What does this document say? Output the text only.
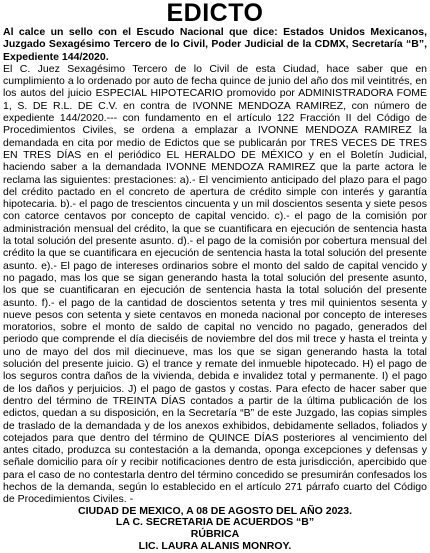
EDICTO

Al calce un sello con el Escudo Nacional que dice: Estados Unidos Mexicanos, Juzgado Sexagésimo Tercero de lo Civil, Poder Judicial de la CDMX, Secretaría “B”, Expediente 144/2020.

El C. Juez Sexagésimo Tercero de lo Civil de esta Ciudad, hace saber que en cumplimiento a lo ordenado por auto de fecha quince de junio del año dos mil veintitrés, en los autos del juicio ESPECIAL HIPOTECARIO promovido por ADMINISTRADORA FOME 1, S. DE R.L. DE C.V. en contra de IVONNE MENDOZA RAMIREZ, con número de expediente 144/2020.--- con fundamento en el artículo 122 Fracción II del Código de Procedimientos Civiles, se ordena a emplazar a IVONNE MENDOZA RAMIREZ la demandada en cita por medio de Edictos que se publicarán por TRES VECES DE TRES EN TRES DÍAS en el periódico EL HERALDO DE MÉXICO y en el Boletín Judicial, haciendo saber a la demandada IVONNE MENDOZA RAMIREZ que la parte actora le reclama las siguientes: prestaciones: a).- El vencimiento anticipado del plazo para el pago del crédito pactado en el concreto de apertura de crédito simple con interés y garantía hipotecaria. b).- el pago de trescientos cincuenta y un mil doscientos sesenta y siete pesos con catorce centavos por concepto de capital vencido. c).- el pago de la comisión por administración mensual del crédito, la que se cuantificara en ejecución de sentencia hasta la total solución del presente asunto. d).- el pago de la comisión por cobertura mensual del crédito la que se cuantificara en ejecución de sentencia hasta la total solución del presente asunto. e).- El pago de intereses ordinarios sobre el monto del saldo de capital vencido y no pagado, mas los que se sigan generando hasta la total solución del presente asunto, los que se cuantificaran en ejecución de sentencia hasta la total solución del presente asunto. f).- el pago de la cantidad de doscientos setenta y tres mil quinientos sesenta y nueve pesos con setenta y siete centavos en moneda nacional por concepto de intereses moratorios, sobre el monto de saldo de capital no vencido no pagado, generados del periodo que comprende el día dieciséis de noviembre del dos mil trece y hasta el treinta y uno de mayo del dos mil diecinueve, mas los que se sigan generando hasta la total solución del presente juicio. G) el trance y remate del inmueble hipotecado. H) el pago de los seguros contra daños de la vivienda, debida e invalidez total y permanente. I) el pago de los daños y perjuicios. J) el pago de gastos y costas. Para efecto de hacer saber que dentro del término de TREINTA DÍAS contados a partir de la última publicación de los edictos, quedan a su disposición, en la Secretaría “B” de este Juzgado, las copias simples de traslado de la demandada y de los anexos exhibidos, debidamente sellados, foliados y cotejados para que dentro del término de QUINCE DÍAS posteriores al vencimiento del antes citado, produzca su contestación a la demanda, oponga excepciones y defensas y señale domicilio para oír y recibir notificaciones dentro de esta jurisdicción, apercibido que para el caso de no contestarla dentro del término concedido se presumirán confesados los hechos de la demanda, según lo establecido en el artículo 271 párrafo cuarto del Código de Procedimientos Civiles. -

CIUDAD DE MEXICO, A 08 DE AGOSTO DEL AÑO 2023.

LA C. SECRETARIA DE ACUERDOS “B”

RÚBRICA

LIC. LAURA ALANIS MONROY.
